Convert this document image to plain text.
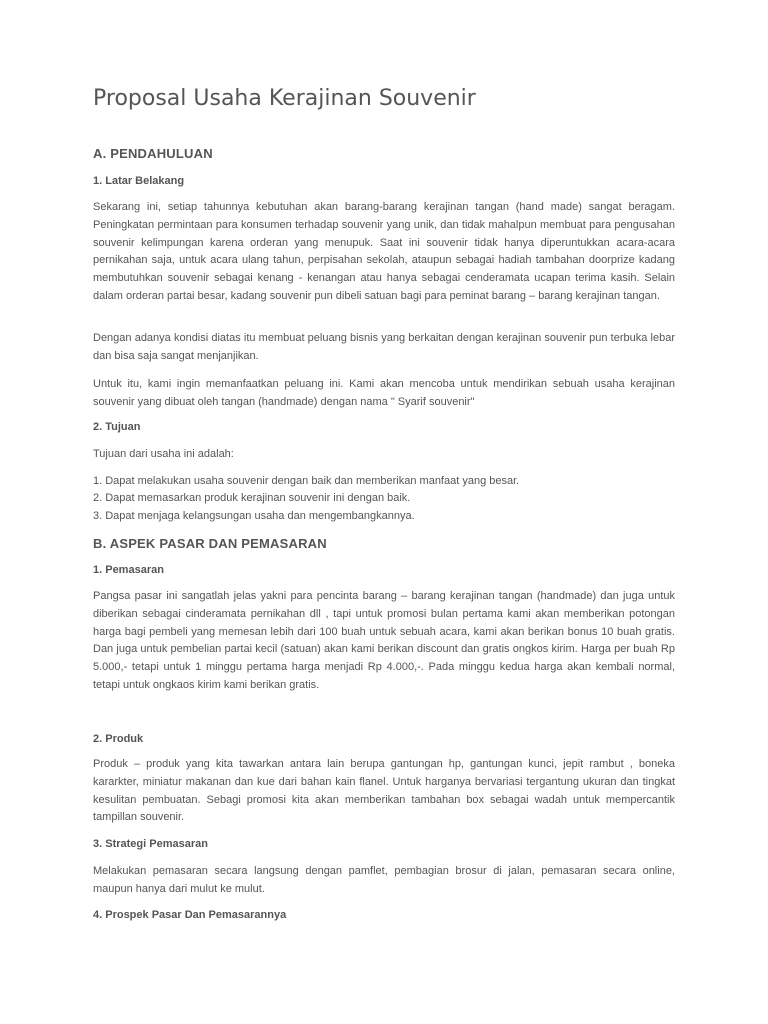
Proposal Usaha Kerajinan Souvenir
A. PENDAHULUAN
1. Latar Belakang

Sekarang ini, setiap tahunnya kebutuhan akan barang-barang kerajinan tangan (hand made) sangat beragam. Peningkatan permintaan para konsumen terhadap souvenir yang unik, dan tidak mahalpun membuat para pengusahan souvenir kelimpungan karena orderan yang menupuk. Saat ini souvenir tidak hanya diperuntukkan acara-acara pernikahan saja, untuk acara ulang tahun, perpisahan sekolah, ataupun sebagai hadiah tambahan doorprize kadang membutuhkan souvenir sebagai kenang - kenangan atau hanya sebagai cenderamata ucapan terima kasih. Selain dalam orderan partai besar, kadang souvenir pun dibeli satuan bagi para peminat barang – barang kerajinan tangan.

Dengan adanya kondisi diatas itu membuat peluang bisnis yang berkaitan dengan kerajinan souvenir pun terbuka lebar dan bisa saja sangat menjanjikan.

Untuk itu, kami ingin memanfaatkan peluang ini. Kami akan mencoba untuk mendirikan sebuah usaha kerajinan souvenir yang dibuat oleh tangan (handmade) dengan nama " Syarif souvenir"

2. Tujuan

Tujuan dari usaha ini adalah:

1. Dapat melakukan usaha souvenir dengan baik dan memberikan manfaat yang besar.

2. Dapat memasarkan produk kerajinan souvenir ini dengan baik.

3. Dapat menjaga kelangsungan usaha dan mengembangkannya.

B. ASPEK PASAR DAN PEMASARAN
1. Pemasaran

Pangsa pasar ini sangatlah jelas yakni para pencinta barang – barang kerajinan tangan (handmade) dan juga untuk diberikan sebagai cinderamata pernikahan dll , tapi untuk promosi bulan pertama kami akan memberikan potongan harga bagi pembeli yang memesan lebih dari 100 buah untuk sebuah acara, kami akan berikan bonus 10 buah gratis. Dan juga untuk pembelian partai kecil (satuan) akan kami berikan discount dan gratis ongkos kirim. Harga per buah Rp 5.000,- tetapi untuk 1 minggu pertama harga menjadi Rp 4.000,-. Pada minggu kedua harga akan kembali normal, tetapi untuk ongkaos kirim kami berikan gratis.

2. Produk

Produk – produk yang kita tawarkan antara lain berupa gantungan hp, gantungan kunci, jepit rambut , boneka kararkter, miniatur makanan dan kue dari bahan kain flanel. Untuk harganya bervariasi tergantung ukuran dan tingkat kesulitan pembuatan. Sebagi promosi kita akan memberikan tambahan box sebagai wadah untuk mempercantik tampillan souvenir.

3. Strategi Pemasaran

Melakukan pemasaran secara langsung dengan pamflet, pembagian brosur di jalan, pemasaran secara online, maupun hanya dari mulut ke mulut.

4. Prospek Pasar Dan Pemasarannya
